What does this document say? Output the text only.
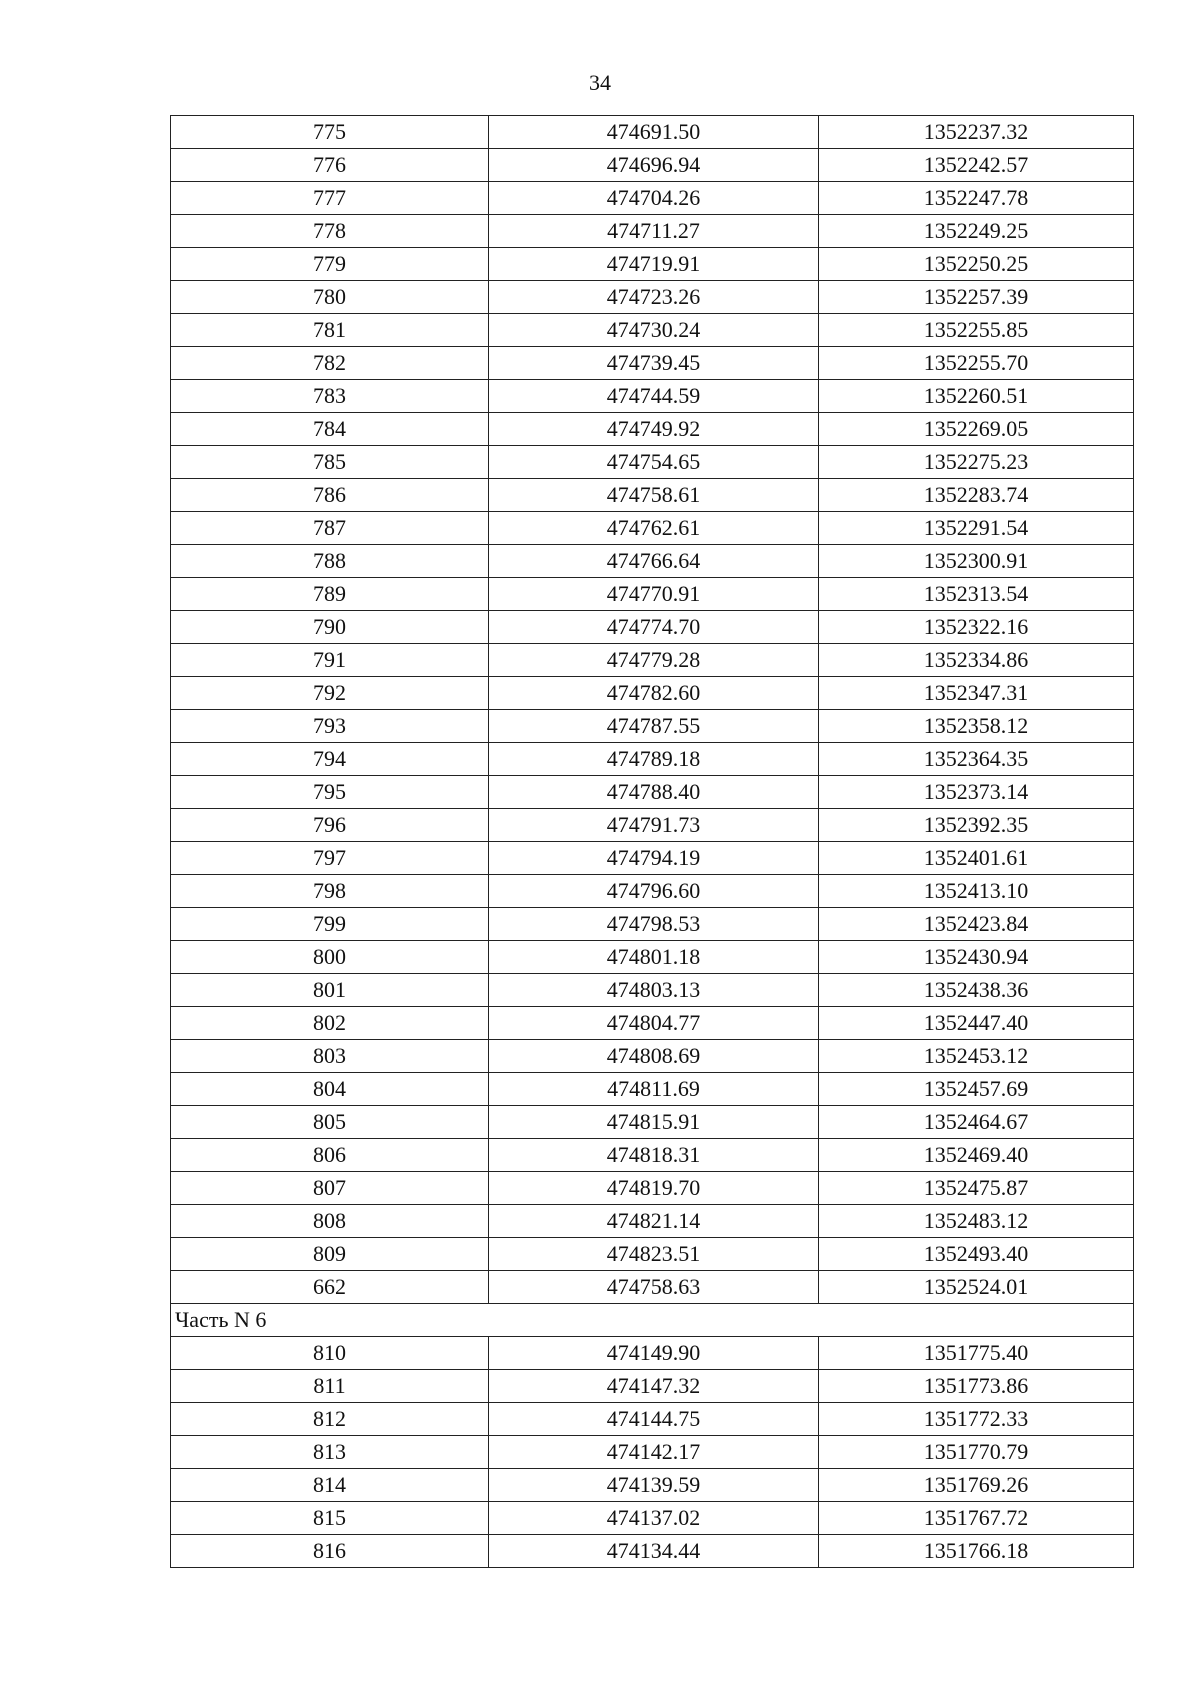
34
775	474691.50	1352237.32
776	474696.94	1352242.57
777	474704.26	1352247.78
778	474711.27	1352249.25
779	474719.91	1352250.25
780	474723.26	1352257.39
781	474730.24	1352255.85
782	474739.45	1352255.70
783	474744.59	1352260.51
784	474749.92	1352269.05
785	474754.65	1352275.23
786	474758.61	1352283.74
787	474762.61	1352291.54
788	474766.64	1352300.91
789	474770.91	1352313.54
790	474774.70	1352322.16
791	474779.28	1352334.86
792	474782.60	1352347.31
793	474787.55	1352358.12
794	474789.18	1352364.35
795	474788.40	1352373.14
796	474791.73	1352392.35
797	474794.19	1352401.61
798	474796.60	1352413.10
799	474798.53	1352423.84
800	474801.18	1352430.94
801	474803.13	1352438.36
802	474804.77	1352447.40
803	474808.69	1352453.12
804	474811.69	1352457.69
805	474815.91	1352464.67
806	474818.31	1352469.40
807	474819.70	1352475.87
808	474821.14	1352483.12
809	474823.51	1352493.40
662	474758.63	1352524.01
Часть N 6		
810	474149.90	1351775.40
811	474147.32	1351773.86
812	474144.75	1351772.33
813	474142.17	1351770.79
814	474139.59	1351769.26
815	474137.02	1351767.72
816	474134.44	1351766.18
